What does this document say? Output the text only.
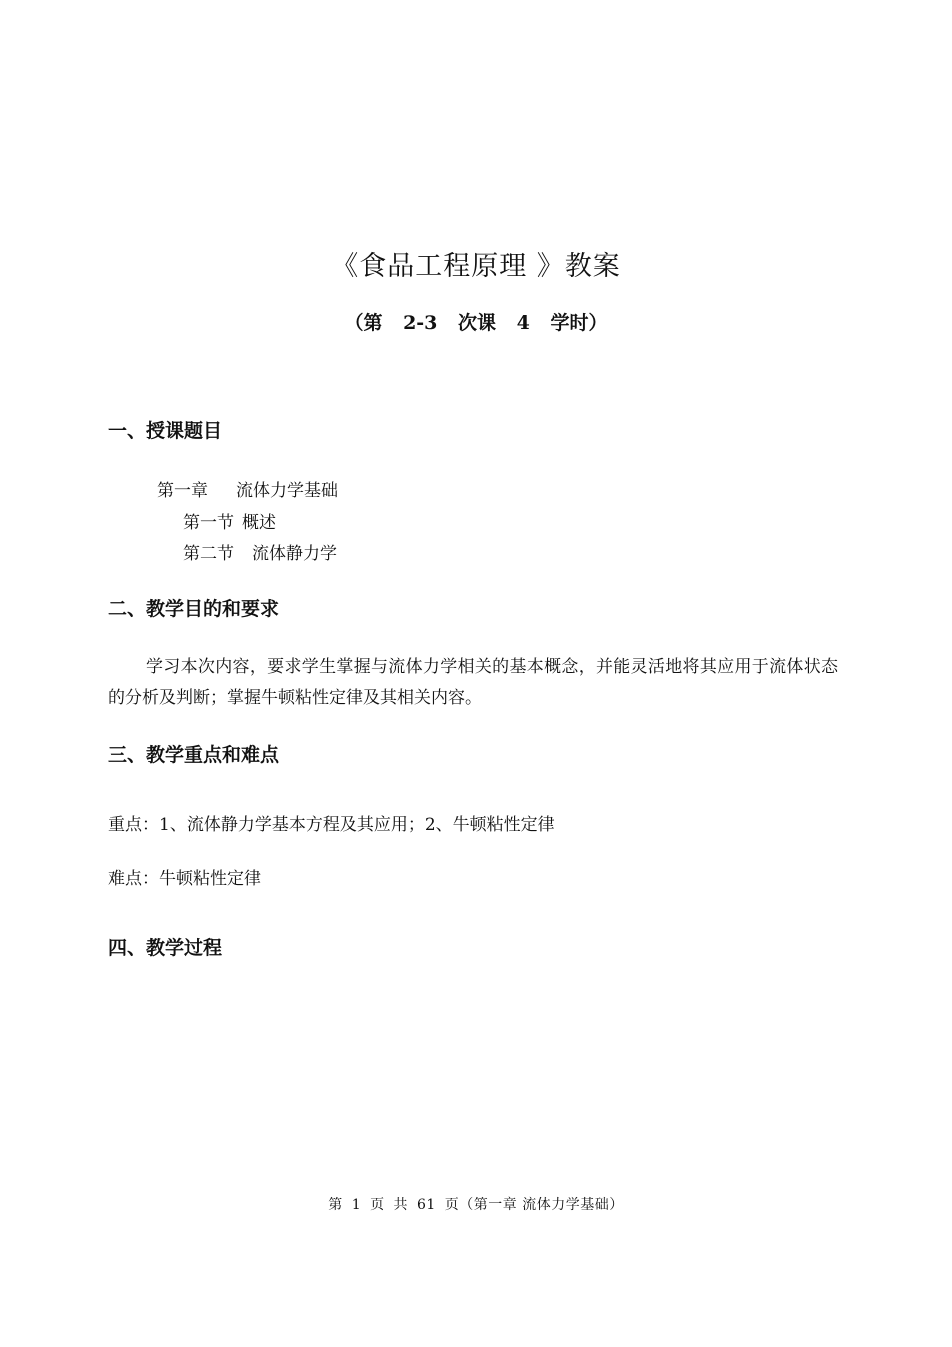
《食品工程原理 》教案
（第 2-3 次课 4 学时）
一、授课题目
第一章 流体力学基础
第一节 概述
第二节 流体静力学
二、教学目的和要求
学习本次内容，要求学生掌握与流体力学相关的基本概念，并能灵活地将其应用于流体状态的分析及判断；掌握牛顿粘性定律及其相关内容。
三、教学重点和难点
重点：1、流体静力学基本方程及其应用；2、牛顿粘性定律
难点：牛顿粘性定律
四、教学过程
第 1 页 共 61 页（第一章 流体力学基础）
